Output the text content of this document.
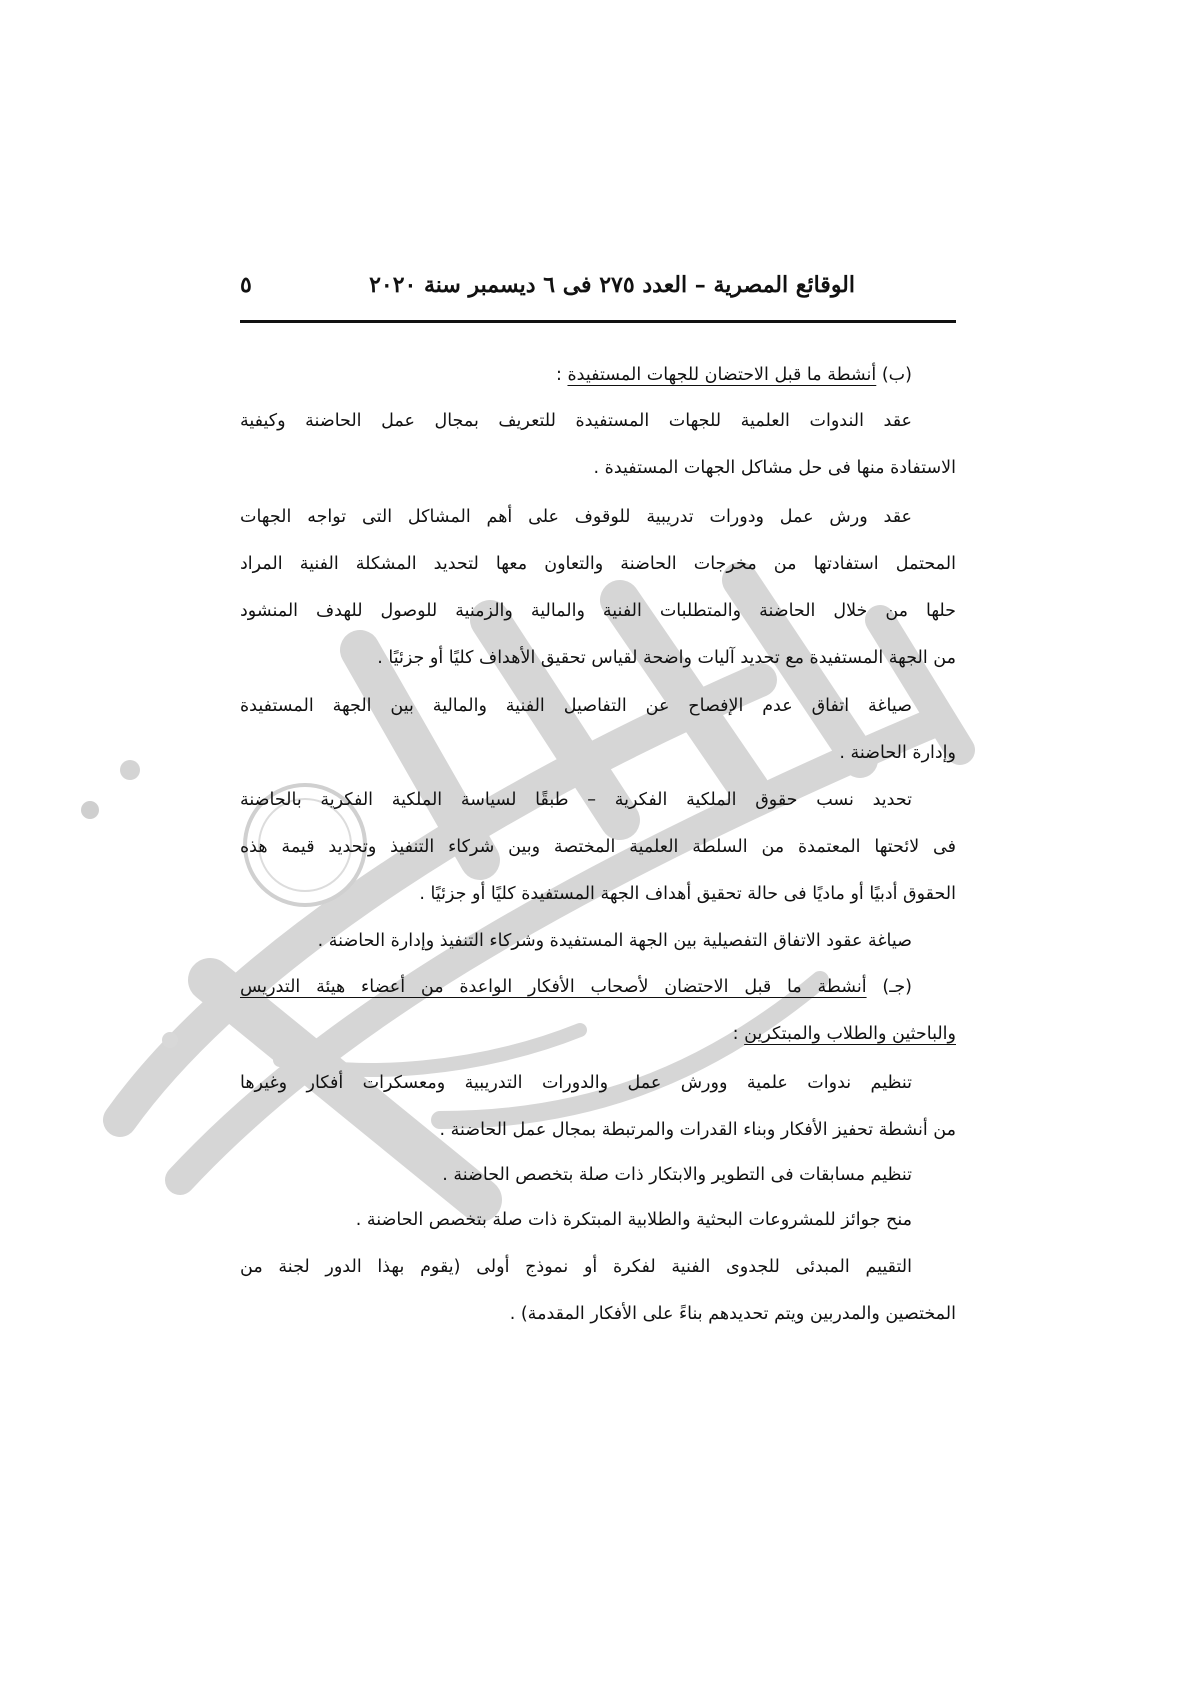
الوقائع المصرية – العدد ٢٧٥ فى ٦ ديسمبر سنة ٢٠٢٠
٥
(ب) أنشطة ما قبل الاحتضان للجهات المستفيدة :
عقد الندوات العلمية للجهات المستفيدة للتعريف بمجال عمل الحاضنة وكيفية
الاستفادة منها فى حل مشاكل الجهات المستفيدة .
عقد ورش عمل ودورات تدريبية للوقوف على أهم المشاكل التى تواجه الجهات
المحتمل استفادتها من مخرجات الحاضنة والتعاون معها لتحديد المشكلة الفنية المراد
حلها من خلال الحاضنة والمتطلبات الفنية والمالية والزمنية للوصول للهدف المنشود
من الجهة المستفيدة مع تحديد آليات واضحة لقياس تحقيق الأهداف كليًا أو جزئيًا .
صياغة اتفاق عدم الإفصاح عن التفاصيل الفنية والمالية بين الجهة المستفيدة
وإدارة الحاضنة .
تحديد نسب حقوق الملكية الفكرية – طبقًا لسياسة الملكية الفكرية بالحاضنة
فى لائحتها المعتمدة من السلطة العلمية المختصة وبين شركاء التنفيذ وتحديد قيمة هذه
الحقوق أدبيًا أو ماديًا فى حالة تحقيق أهداف الجهة المستفيدة كليًا أو جزئيًا .
صياغة عقود الاتفاق التفصيلية بين الجهة المستفيدة وشركاء التنفيذ وإدارة الحاضنة .
(جـ) أنشطة ما قبل الاحتضان لأصحاب الأفكار الواعدة من أعضاء هيئة التدريس
والباحثين والطلاب والمبتكرين :
تنظيم ندوات علمية وورش عمل والدورات التدريبية ومعسكرات أفكار وغيرها
من أنشطة تحفيز الأفكار وبناء القدرات والمرتبطة بمجال عمل الحاضنة .
تنظيم مسابقات فى التطوير والابتكار ذات صلة بتخصص الحاضنة .
منح جوائز للمشروعات البحثية والطلابية المبتكرة ذات صلة بتخصص الحاضنة .
التقييم المبدئى للجدوى الفنية لفكرة أو نموذج أولى (يقوم بهذا الدور لجنة من
المختصين والمدربين ويتم تحديدهم بناءً على الأفكار المقدمة) .
